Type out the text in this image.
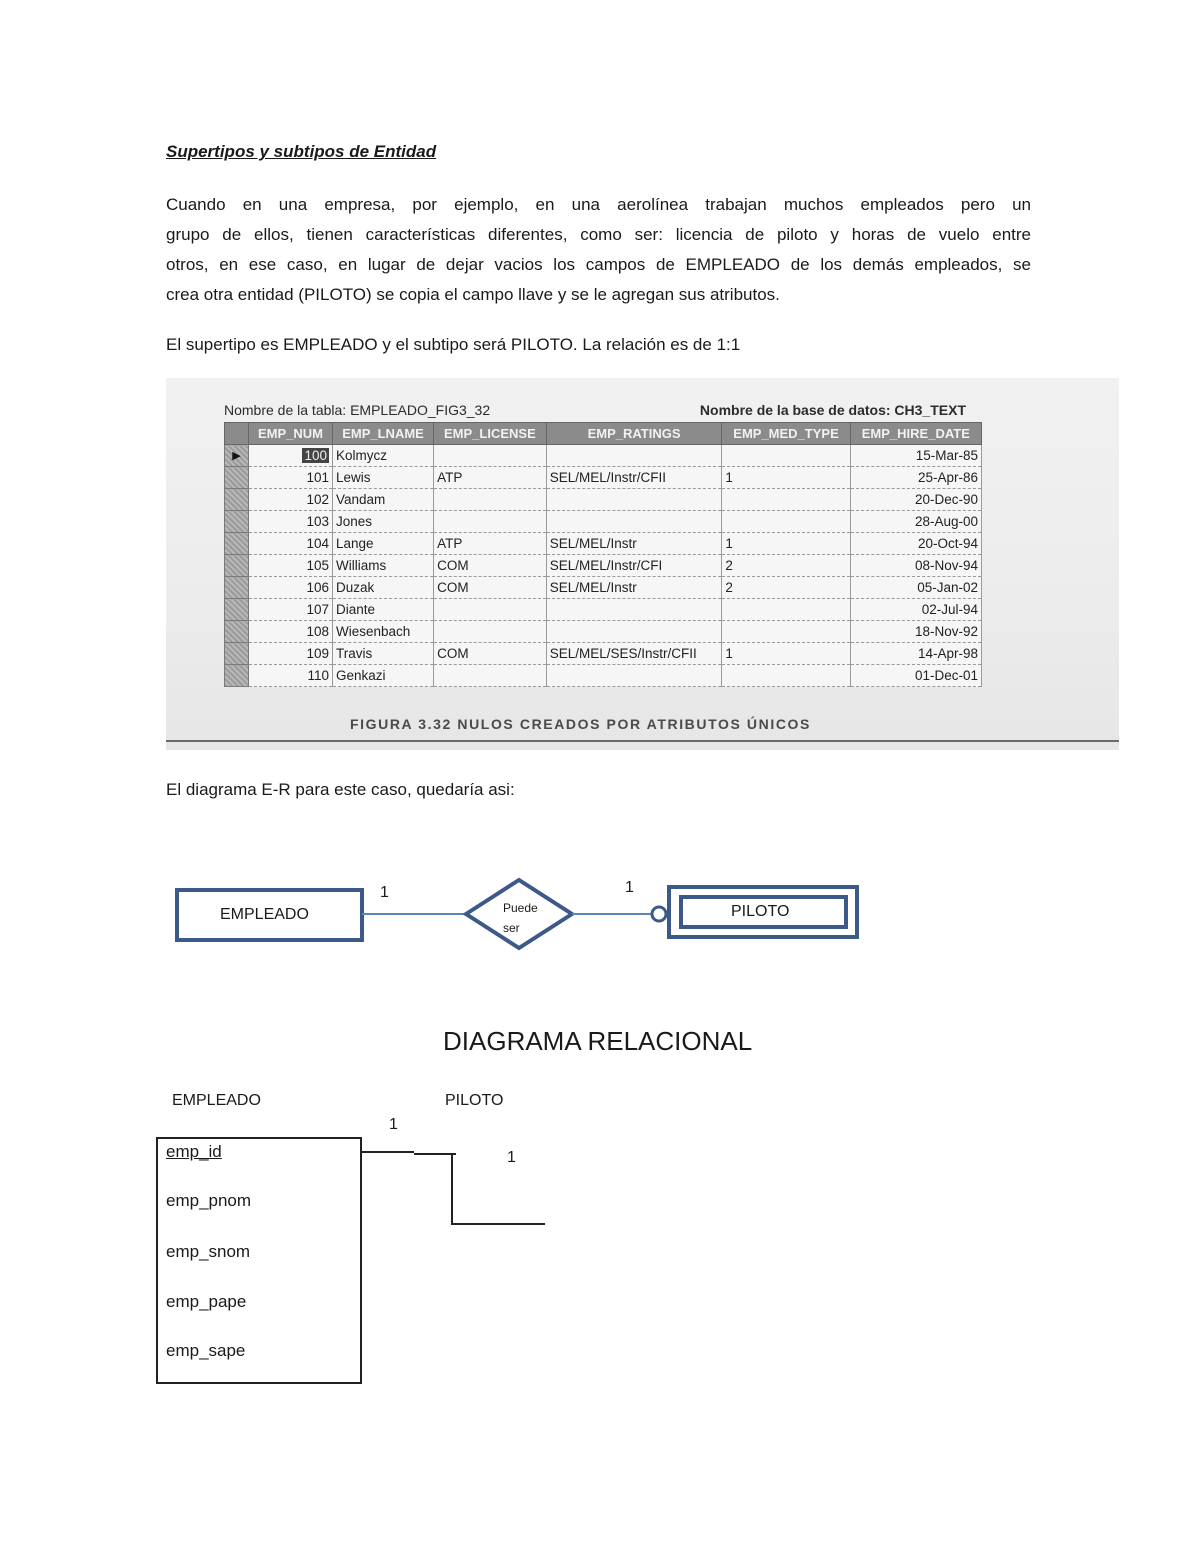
Supertipos y subtipos de Entidad
Cuando en una empresa, por ejemplo, en una aerolínea trabajan muchos empleados pero un
grupo de ellos, tienen características diferentes, como ser: licencia de piloto y horas de vuelo entre
otros, en ese caso, en lugar de dejar vacios los campos de EMPLEADO de los demás empleados, se
crea otra entidad (PILOTO) se copia el campo llave y se le agregan sus atributos.
El supertipo es EMPLEADO y el subtipo será PILOTO. La relación es de 1:1
Nombre de la tabla: EMPLEADO_FIG3_32	Nombre de la base de datos: CH3_TEXT
	EMP_NUM	EMP_LNAME	EMP_LICENSE	EMP_RATINGS	EMP_MED_TYPE	EMP_HIRE_DATE
▶	100	Kolmycz				15-Mar-85
	101	Lewis	ATP	SEL/MEL/Instr/CFII	1	25-Apr-86
	102	Vandam				20-Dec-90
	103	Jones				28-Aug-00
	104	Lange	ATP	SEL/MEL/Instr	1	20-Oct-94
	105	Williams	COM	SEL/MEL/Instr/CFI	2	08-Nov-94
	106	Duzak	COM	SEL/MEL/Instr	2	05-Jan-02
	107	Diante				02-Jul-94
	108	Wiesenbach				18-Nov-92
	109	Travis	COM	SEL/MEL/SES/Instr/CFII	1	14-Apr-98
	110	Genkazi				01-Dec-01
FIGURA 3.32 NULOS CREADOS POR ATRIBUTOS ÚNICOS
El diagrama E-R para este caso, quedaría asi:
EMPLEADO	Puede
ser
PILOTO
1	1
DIAGRAMA RELACIONAL
EMPLEADO	PILOTO
1
1
emp_id
emp_pnom
emp_snom
emp_pape
emp_sape
